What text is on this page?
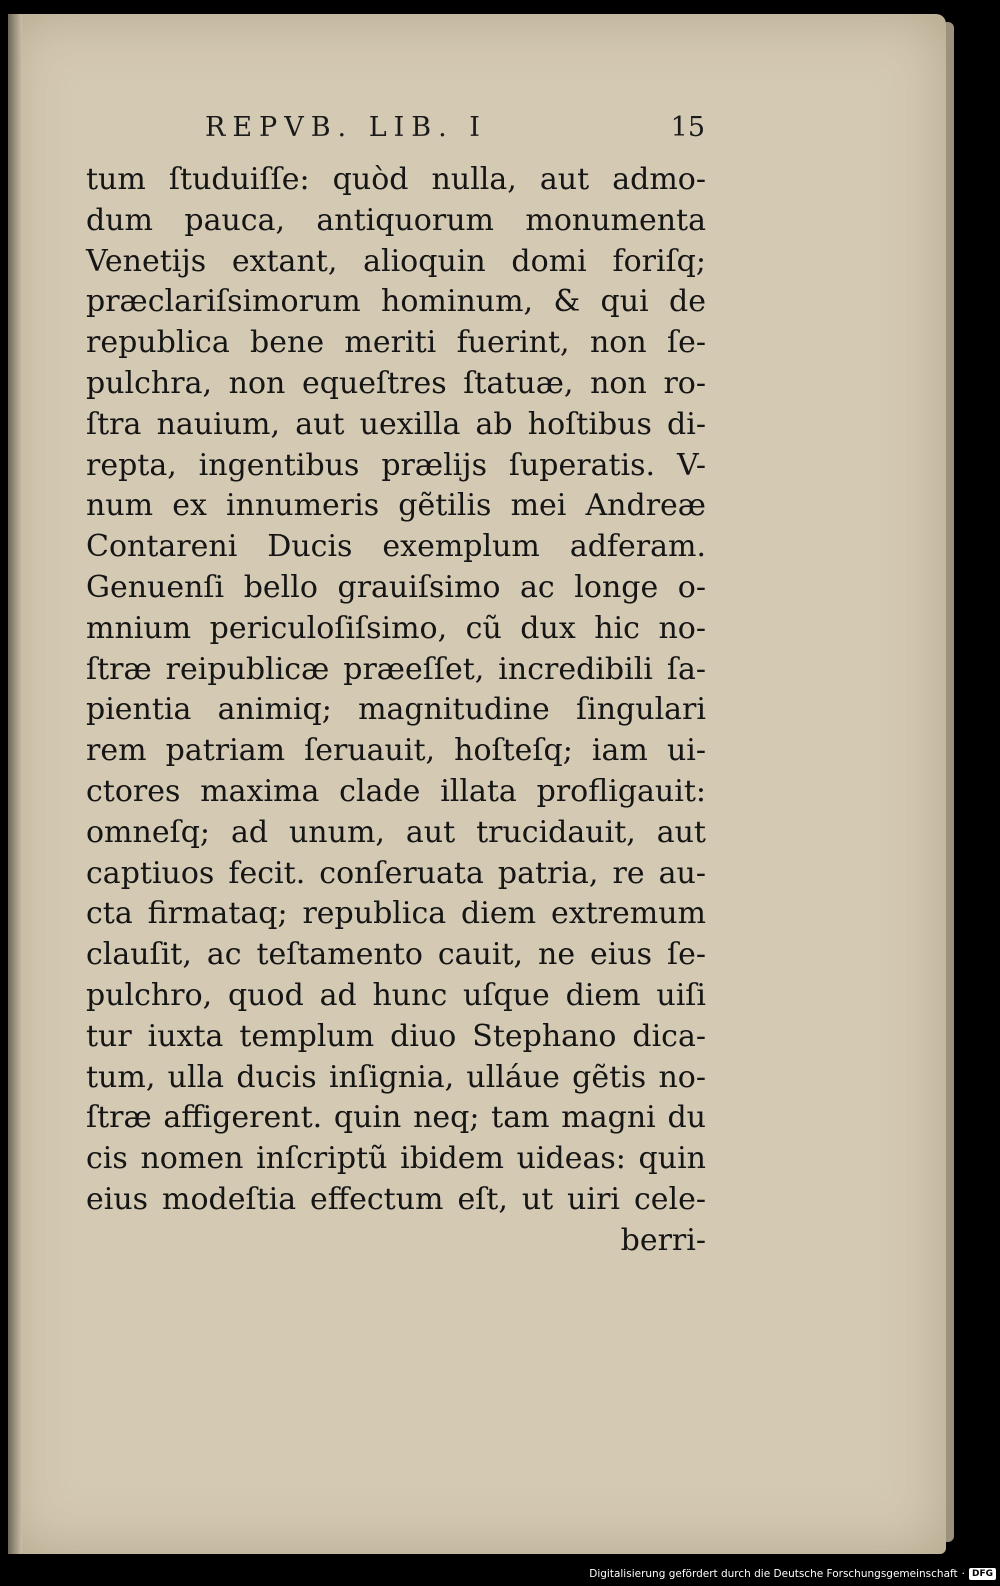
REPVB. LIB. I	15
tum ſtuduiſſe: quòd nulla, aut admo-
dum pauca, antiquorum monumenta
Venetijs extant, alioquin domi foriſq;
præclariſsimorum hominum, & qui de
republica bene meriti fuerint, non ſe-
pulchra, non equeſtres ſtatuæ, non ro-
ſtra nauium, aut uexilla ab hoſtibus di-
repta, ingentibus prælijs ſuperatis. V-
num ex innumeris gẽtilis mei Andreæ
Contareni Ducis exemplum adferam.
Genuenſi bello grauiſsimo ac longe o-
mnium periculoſiſsimo, cũ dux hic no-
ſtræ reipublicæ præeſſet, incredibili ſa-
pientia animiq; magnitudine ſingulari
rem patriam ſeruauit, hoſteſq; iam ui-
ctores maxima clade illata profligauit:
omneſq; ad unum, aut trucidauit, aut
captiuos fecit. conſeruata patria, re au-
cta firmataq; republica diem extremum
clauſit, ac teſtamento cauit, ne eius ſe-
pulchro, quod ad hunc uſque diem uiſi
tur iuxta templum diuo Stephano dica-
tum, ulla ducis inſignia, ulláue gẽtis no-
ſtræ affigerent. quin neq; tam magni du
cis nomen inſcriptũ ibidem uideas: quin
eius modeſtia effectum eſt, ut uiri cele-
berri-
Digitalisierung gefördert durch die Deutsche Forschungsgemeinschaft · DFG
